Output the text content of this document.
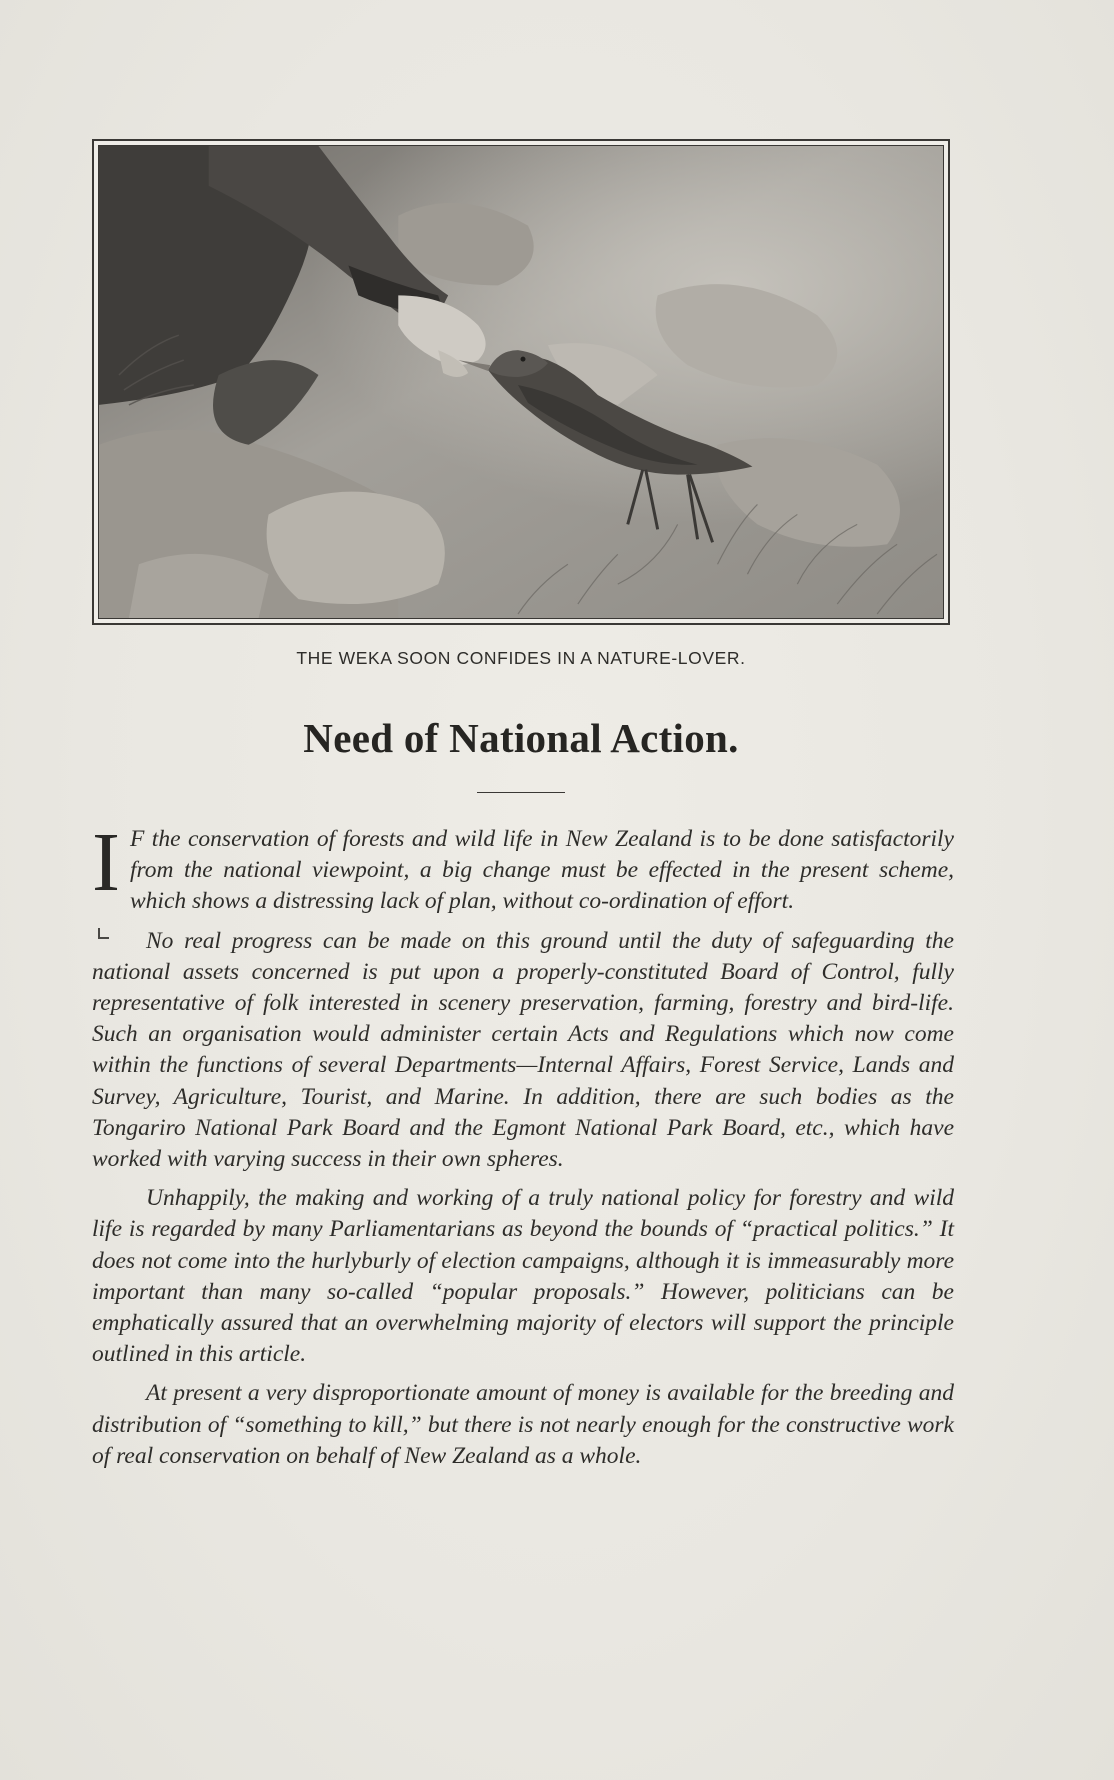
THE WEKA SOON CONFIDES IN A NATURE-LOVER.
Need of National Action.

I F the conservation of forests and wild life in New Zealand is to be done satisfactorily from the national viewpoint, a big change must be effected in the present scheme, which shows a distressing lack of plan, without co-ordination of effort.

No real progress can be made on this ground until the duty of safeguarding the national assets concerned is put upon a properly-constituted Board of Control, fully representative of folk interested in scenery preservation, farming, forestry and bird-life. Such an organisation would administer certain Acts and Regulations which now come within the functions of several Departments—Internal Affairs, Forest Service, Lands and Survey, Agriculture, Tourist, and Marine. In addition, there are such bodies as the Tongariro National Park Board and the Egmont National Park Board, etc., which have worked with varying success in their own spheres.

Unhappily, the making and working of a truly national policy for forestry and wild life is regarded by many Parliamentarians as beyond the bounds of “practical politics.” It does not come into the hurlyburly of election campaigns, although it is immeasurably more important than many so-called “popular proposals.” However, politicians can be emphatically assured that an overwhelming majority of electors will support the principle outlined in this article.

At present a very disproportionate amount of money is available for the breeding and distribution of “something to kill,” but there is not nearly enough for the constructive work of real conservation on behalf of New Zealand as a whole.
